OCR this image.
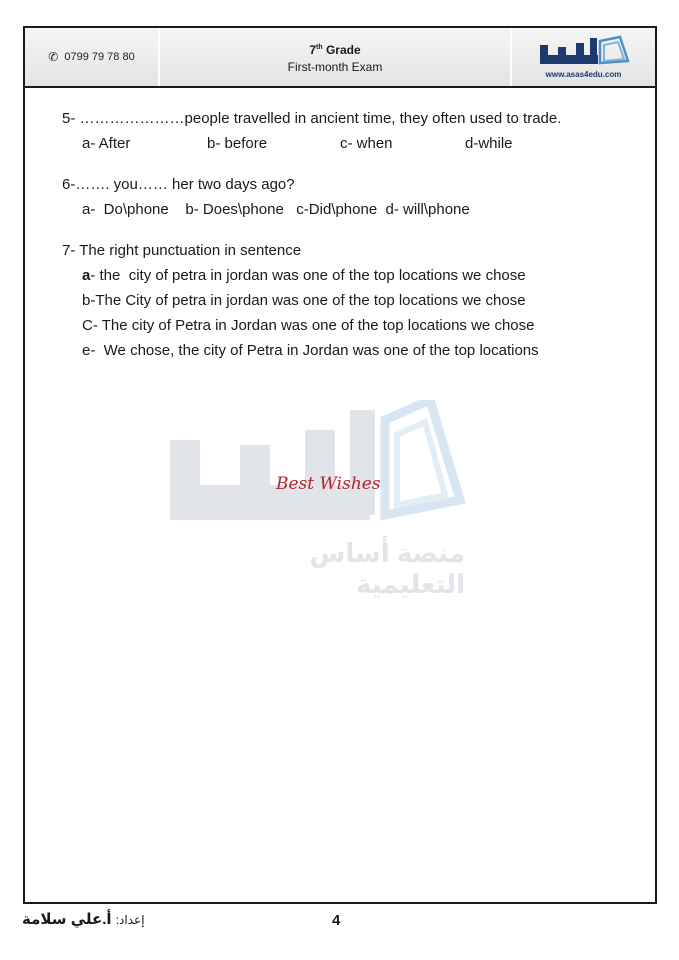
✆ 0799 79 78 80
7th Grade
First-month Exam
www.asas4edu.com
5- …………………people travelled in ancient time, they often used to trade.
a- After	b- before	c- when	d-while
6-……. you…… her two days ago?
a-  Do\phone    b- Does\phone   c-Did\phone  d- will\phone
7- The right punctuation in sentence
a- the  city of petra in jordan was one of the top locations we chose
b-The City of petra in jordan was one of the top locations we chose
C- The city of Petra in Jordan was one of the top locations we chose
e-  We chose, the city of Petra in Jordan was one of the top locations
منصة أساس التعليمية
Best Wishes
إعداد: أ.علي سلامة	4
